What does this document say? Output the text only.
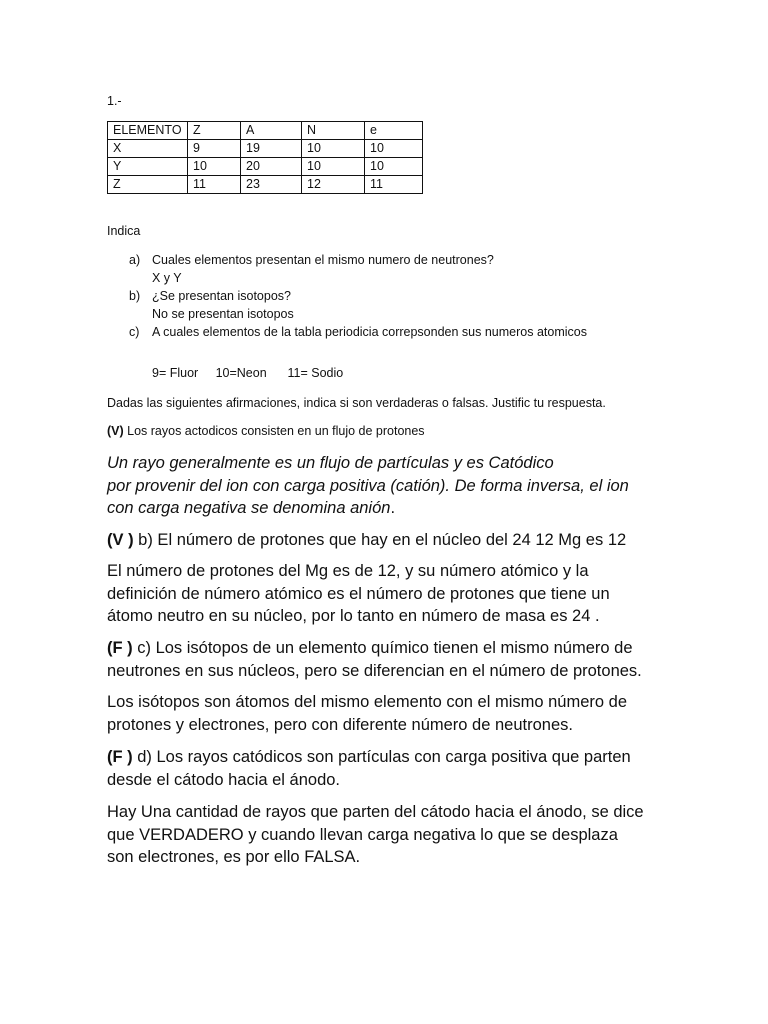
1.-
ELEMENTO	Z	A	N	e
X	9	19	10	10
Y	10	20	10	10
Z	11	23	12	11
Indica
a) Cuales elementos presentan el mismo numero de neutrones?
X y Y
b) ¿Se presentan isotopos?
No se presentan isotopos
c)	A cuales elementos de la tabla periodicia correpsonden sus numeros atomicos
9= Fluor     10=Neon      11= Sodio
Dadas las siguientes afirmaciones, indica si son verdaderas o falsas. Justific tu respuesta.
(V) Los rayos actodicos consisten en un flujo de protones
Un rayo generalmente es un flujo de partículas y es Catódico
por provenir del ion con carga positiva (catión). De forma inversa, el ion
con carga negativa se denomina anión.
(V ) b) El número de protones que hay en el núcleo del 24 12 Mg es 12
El número de protones del Mg es de 12, y su número atómico y la
definición de número atómico es el número de protones que tiene un
átomo neutro en su núcleo, por lo tanto en número de masa es 24 .
(F ) c) Los isótopos de un elemento químico tienen el mismo número de
neutrones en sus núcleos, pero se diferencian en el número de protones.
Los isótopos son átomos del mismo elemento con el mismo número de
protones y electrones, pero con diferente número de neutrones.
(F ) d) Los rayos catódicos son partículas con carga positiva que parten
desde el cátodo hacia el ánodo.
Hay Una cantidad de rayos que parten del cátodo hacia el ánodo, se dice
que VERDADERO y cuando llevan carga negativa lo que se desplaza
son electrones, es por ello FALSA.
